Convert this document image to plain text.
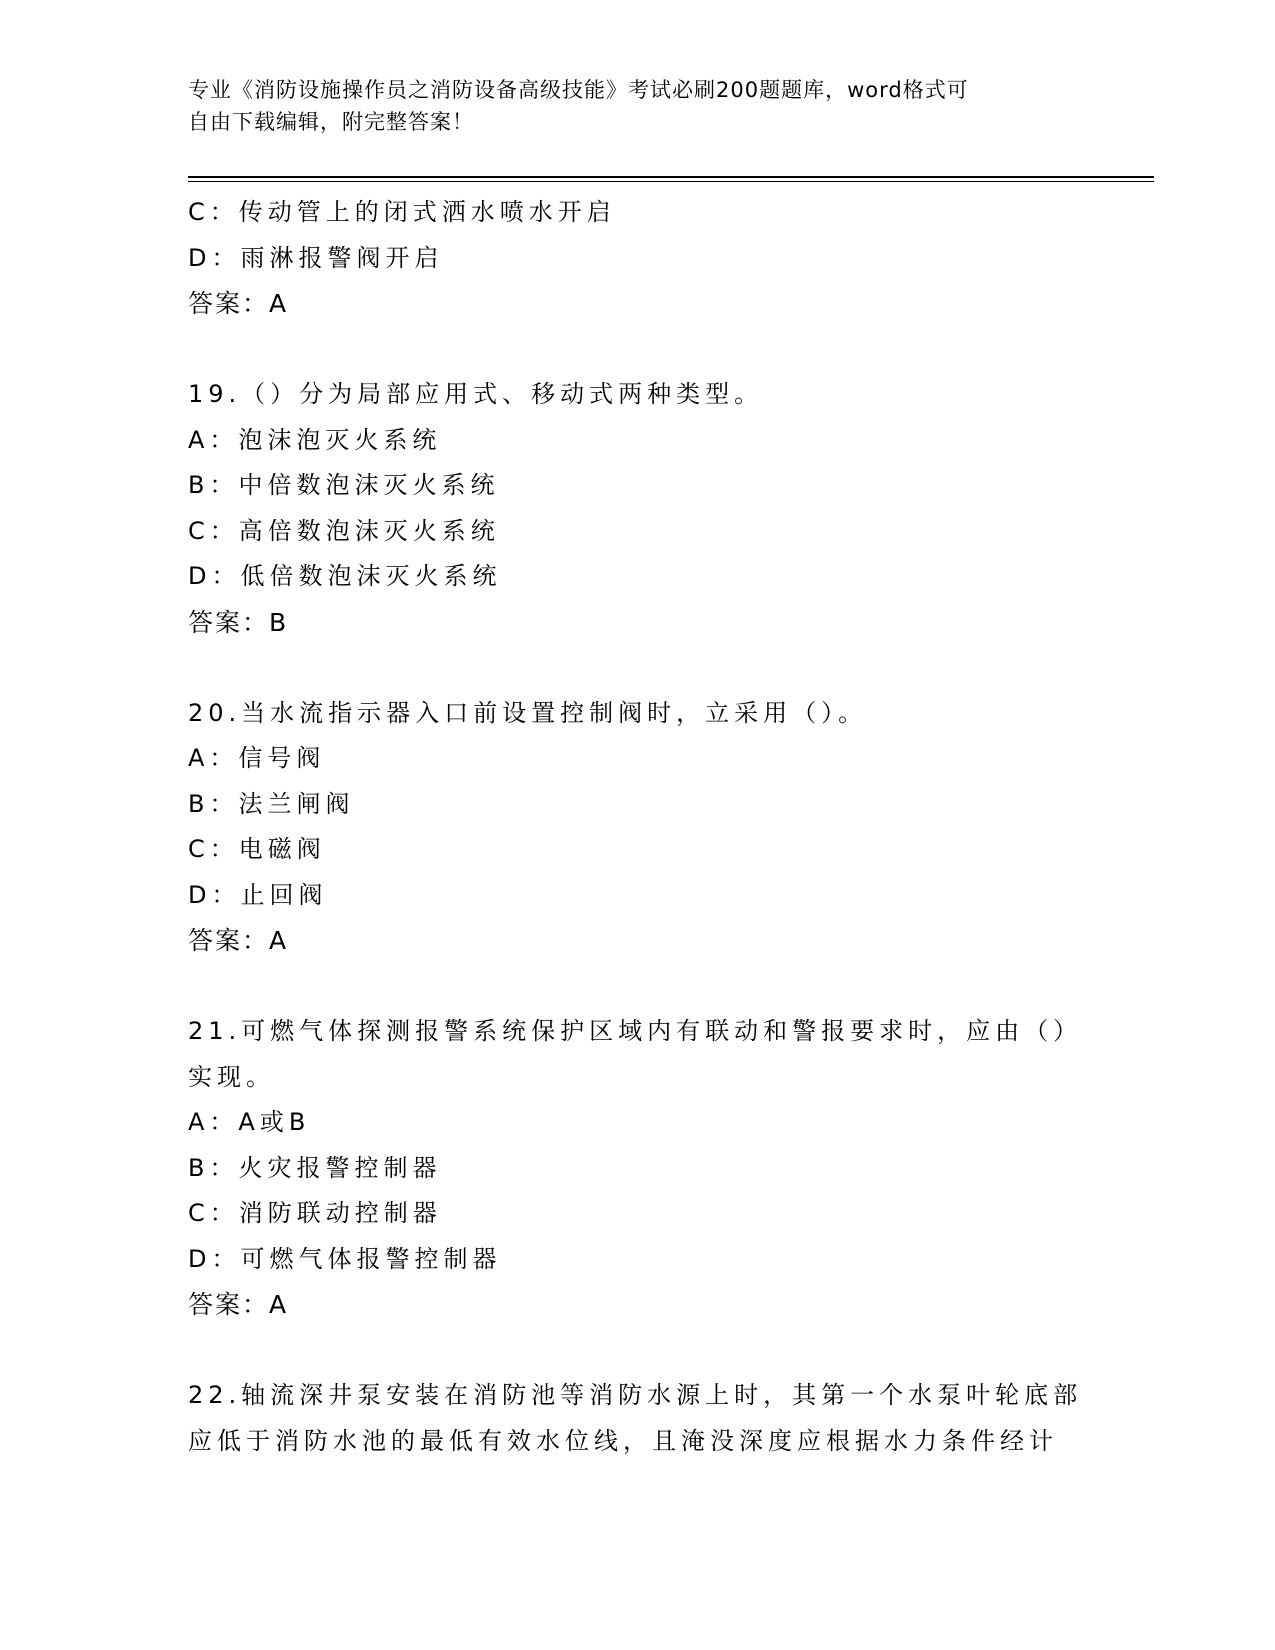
专业《消防设施操作员之消防设备高级技能》考试必刷200题题库，word格式可
自由下载编辑，附完整答案！
C：传动管上的闭式洒水喷水开启
D：雨淋报警阀开启
答案：A
19.（）分为局部应用式、移动式两种类型。
A：泡沫泡灭火系统
B：中倍数泡沫灭火系统
C：高倍数泡沫灭火系统
D：低倍数泡沫灭火系统
答案：B
20.当水流指示器入口前设置控制阀时，立采用（）。
A：信号阀
B：法兰闸阀
C：电磁阀
D：止回阀
答案：A
21.可燃气体探测报警系统保护区域内有联动和警报要求时，应由（）
实现。
A：A或B
B：火灾报警控制器
C：消防联动控制器
D：可燃气体报警控制器
答案：A
22.轴流深井泵安装在消防池等消防水源上时，其第一个水泵叶轮底部
应低于消防水池的最低有效水位线，且淹没深度应根据水力条件经计
